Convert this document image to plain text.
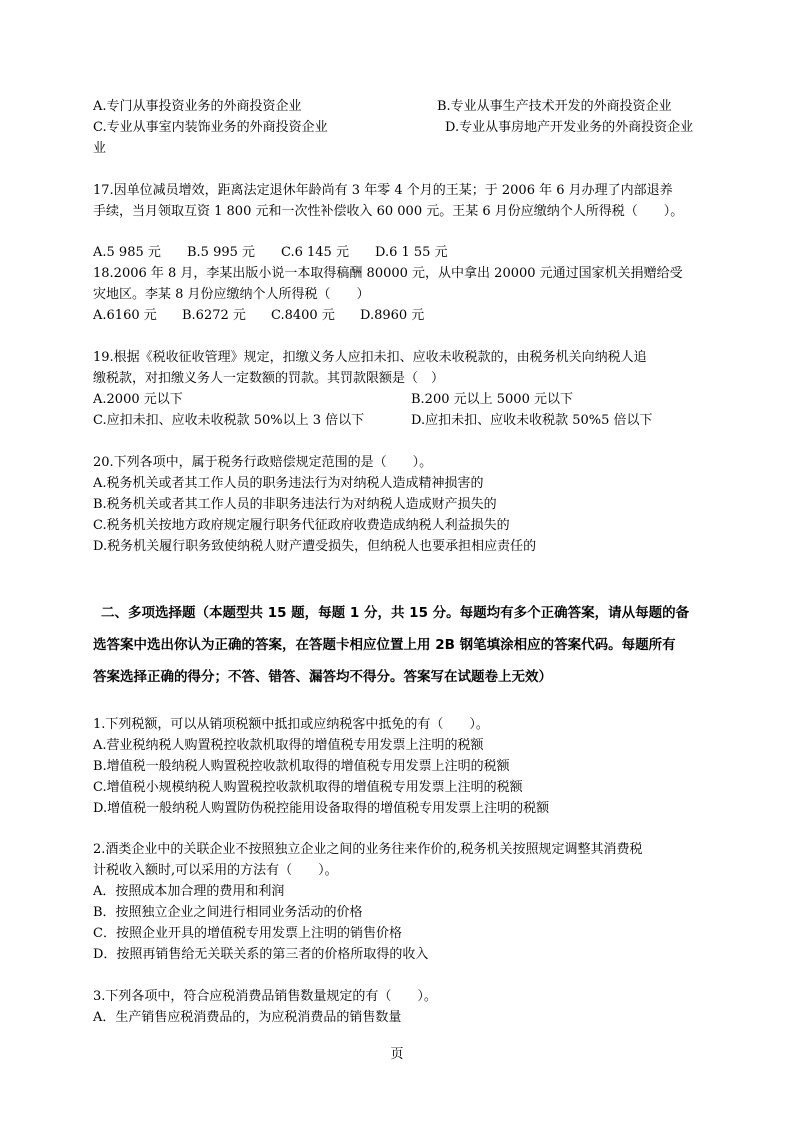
A.专门从事投资业务的外商投资企业	B.专业从事生产技术开发的外商投资企业
C.专业从事室内装饰业务的外商投资企业	D.专业从事房地产开发业务的外商投资企业
业
17.因单位减员增效，距离法定退休年龄尚有 3 年零 4 个月的王某；于 2006 年 6 月办理了内部退养
手续，当月领取互资 1 800 元和一次性补偿收入 60 000 元。王某 6 月份应缴纳个人所得税（　　）。
A.5 985 元 B.5 995 元 C.6 145 元 D.6 1 55 元
18.2006 年 8 月，李某出版小说一本取得稿酬 80000 元，从中拿出 20000 元通过国家机关捐赠给受
灾地区。李某 8 月份应缴纳个人所得税（　　）
A.6160 元 B.6272 元 C.8400 元 D.8960 元
19.根据《税收征收管理》规定，扣缴义务人应扣未扣、应收未收税款的，由税务机关向纳税人追
缴税款，对扣缴义务人一定数额的罚款。其罚款限额是（　）
A.2000 元以下	B.200 元以上 5000 元以下
C.应扣未扣、应收未收税款 50%以上 3 倍以下	D.应扣未扣、应收未收税款 50%5 倍以下
20.下列各项中，属于税务行政赔偿规定范围的是（　　）。
A.税务机关或者其工作人员的职务违法行为对纳税人造成精神损害的
B.税务机关或者其工作人员的非职务违法行为对纳税人造成财产损失的
C.税务机关按地方政府规定履行职务代征政府收费造成纳税人利益损失的
D.税务机关履行职务致使纳税人财产遭受损失，但纳税人也要承担相应责任的
二、多项选择题（本题型共 15 题，每题 1 分，共 15 分。每题均有多个正确答案，请从每题的备
选答案中选出你认为正确的答案，在答题卡相应位置上用 2B 钢笔填涂相应的答案代码。每题所有
答案选择正确的得分；不答、错答、漏答均不得分。答案写在试题卷上无效）
1.下列税额，可以从销项税额中抵扣或应纳税客中抵免的有（　　）。
A.营业税纳税人购置税控收款机取得的增值税专用发票上注明的税额
B.增值税一般纳税人购置税控收款机取得的增值税专用发票上注明的税额
C.增值税小规模纳税人购置税控收款机取得的增值税专用发票上注明的税额
D.增值税一般纳税人购置防伪税控能用设备取得的增值税专用发票上注明的税额
2.酒类企业中的关联企业不按照独立企业之间的业务往来作价的,税务机关按照规定调整其消费税
计税收入额时,可以采用的方法有（　　）。
A．按照成本加合理的费用和利润
B．按照独立企业之间进行相同业务活动的价格
C．按照企业开具的增值税专用发票上注明的销售价格
D．按照再销售给无关联关系的第三者的价格所取得的收入
3.下列各项中，符合应税消费品销售数量规定的有（　　）。
A．生产销售应税消费品的，为应税消费品的销售数量
页
